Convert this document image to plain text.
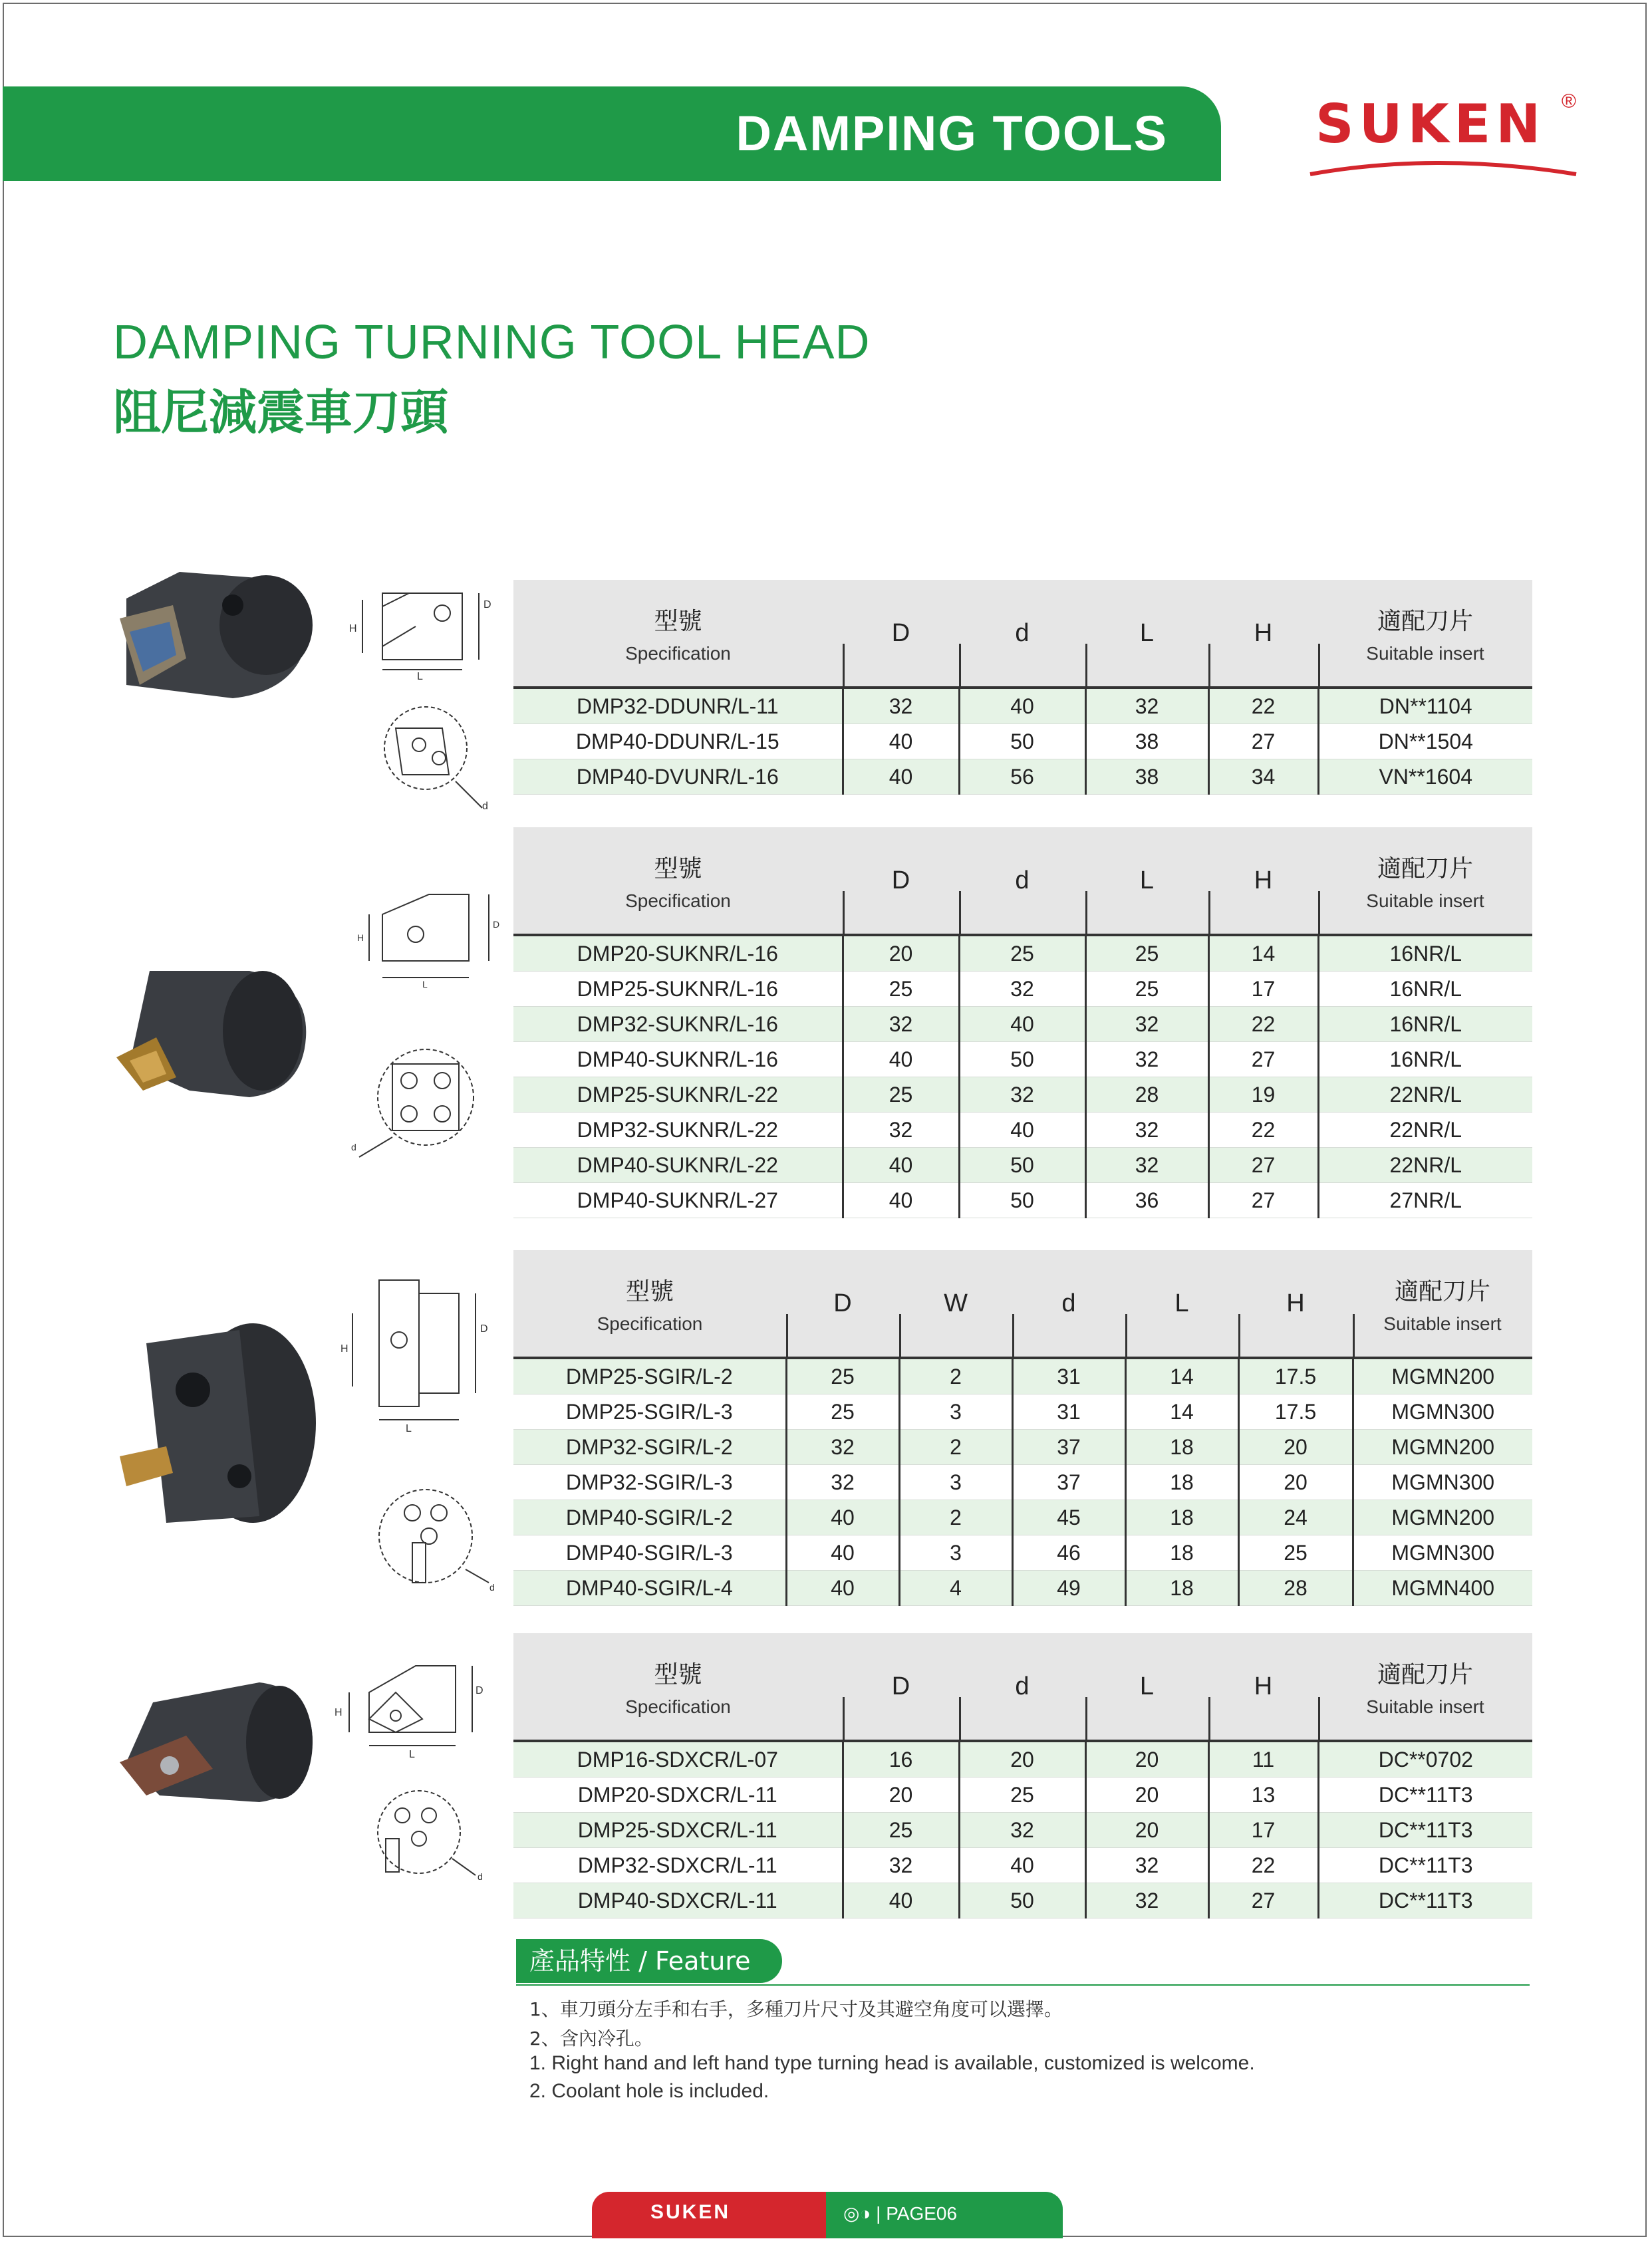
DAMPING TOOLS	SUKEN ®
DAMPING TURNING TOOL HEAD
阻尼減震車刀頭
H
L
D
d
H
L
D
d
H
L
D
d
H
L
D
d
型號
Specification	D	d	L	H	適配刀片
Suitable insert

DMP32-DDUNR/L-11	32	40	32	22	DN**1104
DMP40-DDUNR/L-15	40	50	38	27	DN**1504
DMP40-DVUNR/L-16	40	56	38	34	VN**1604
型號
Specification	D	d	L	H	適配刀片
Suitable insert

DMP20-SUKNR/L-16	20	25	25	14	16NR/L
DMP25-SUKNR/L-16	25	32	25	17	16NR/L
DMP32-SUKNR/L-16	32	40	32	22	16NR/L
DMP40-SUKNR/L-16	40	50	32	27	16NR/L
DMP25-SUKNR/L-22	25	32	28	19	22NR/L
DMP32-SUKNR/L-22	32	40	32	22	22NR/L
DMP40-SUKNR/L-22	40	50	32	27	22NR/L
DMP40-SUKNR/L-27	40	50	36	27	27NR/L
型號
Specification	D	W	d	L	H	適配刀片
Suitable insert

DMP25-SGIR/L-2	25	2	31	14	17.5	MGMN200
DMP25-SGIR/L-3	25	3	31	14	17.5	MGMN300
DMP32-SGIR/L-2	32	2	37	18	20	MGMN200
DMP32-SGIR/L-3	32	3	37	18	20	MGMN300
DMP40-SGIR/L-2	40	2	45	18	24	MGMN200
DMP40-SGIR/L-3	40	3	46	18	25	MGMN300
DMP40-SGIR/L-4	40	4	49	18	28	MGMN400
型號
Specification	D	d	L	H	適配刀片
Suitable insert

DMP16-SDXCR/L-07	16	20	20	11	DC**0702
DMP20-SDXCR/L-11	20	25	20	13	DC**11T3
DMP25-SDXCR/L-11	25	32	20	17	DC**11T3
DMP32-SDXCR/L-11	32	40	32	22	DC**11T3
DMP40-SDXCR/L-11	40	50	32	27	DC**11T3
產品特性 / Feature
1、車刀頭分左手和右手，多種刀片尺寸及其避空角度可以選擇。
2、含內冷孔。
1. Right hand and left hand type turning head is available, customized is welcome.
2. Coolant hole is included.
SUKEN	◎◑ | PAGE06
